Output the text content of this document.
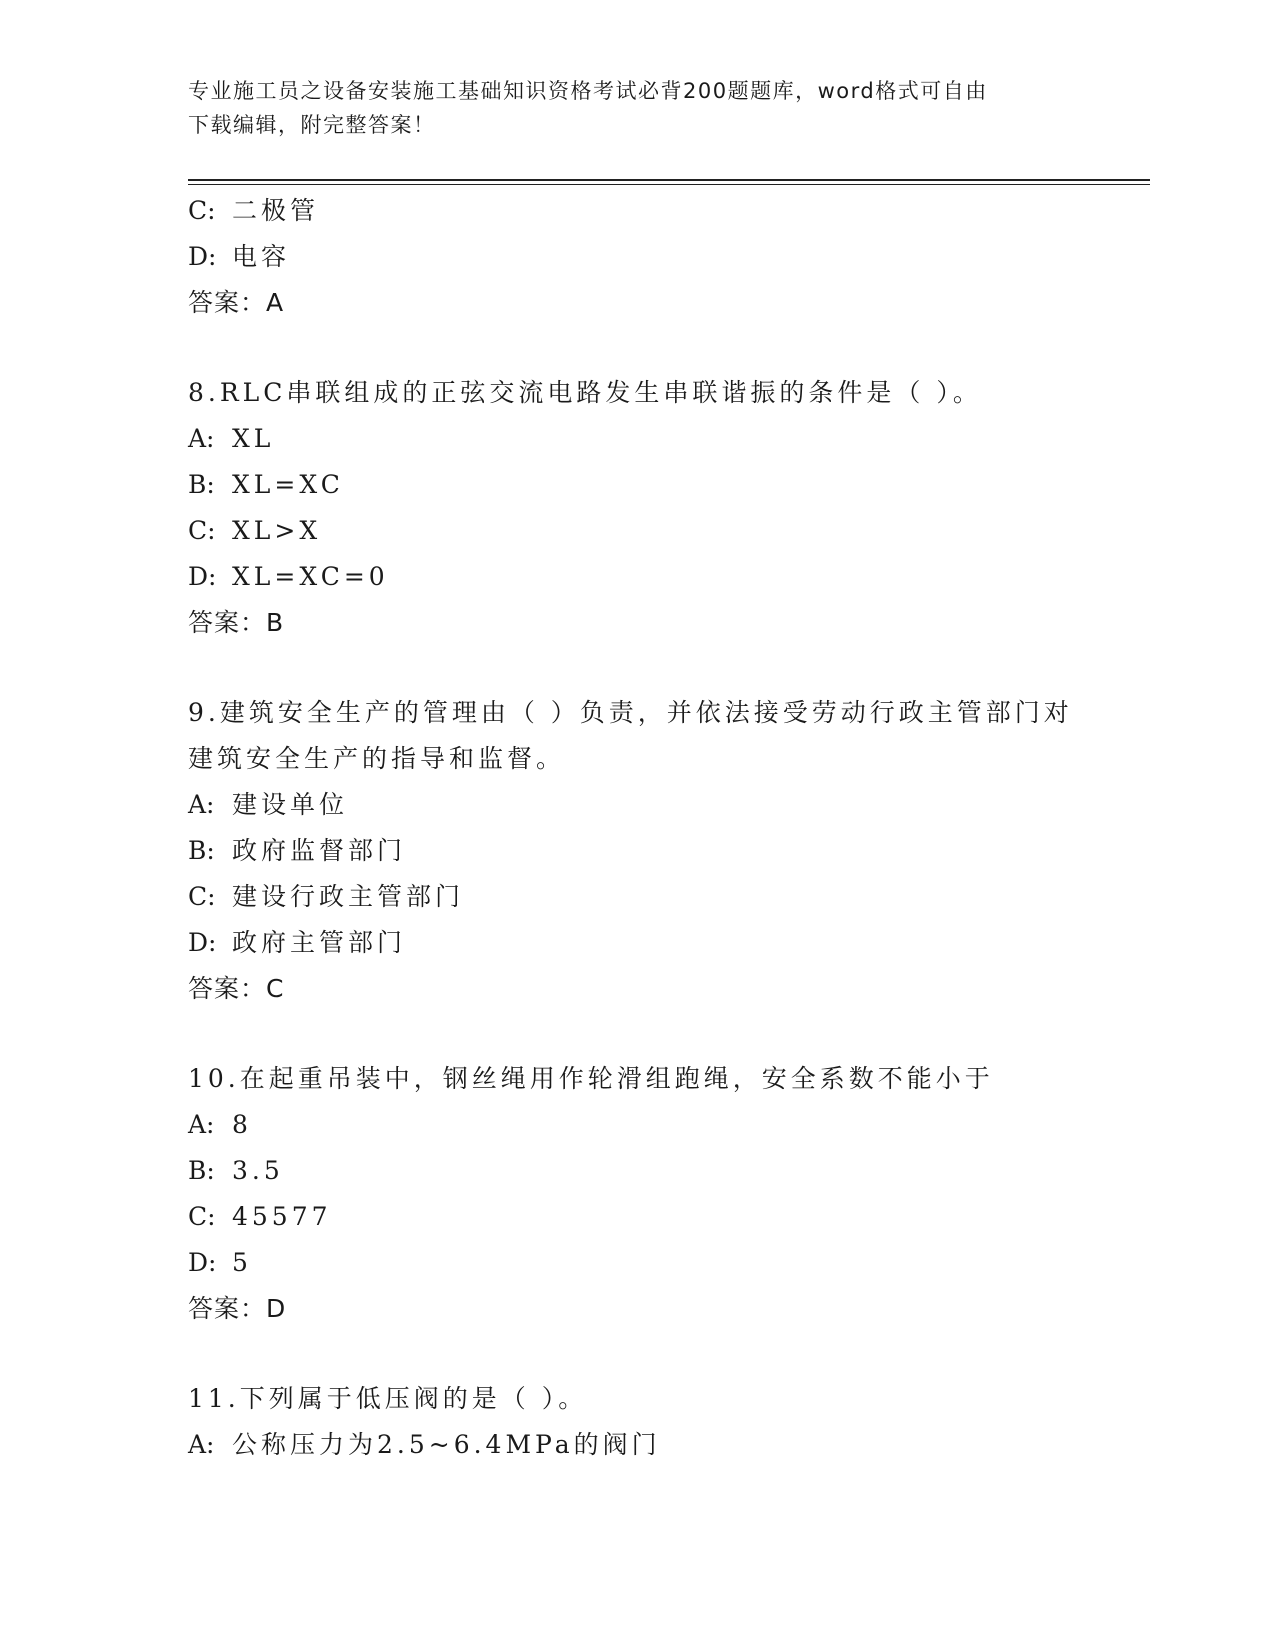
专业施工员之设备安装施工基础知识资格考试必背200题题库，word格式可自由
下载编辑，附完整答案！
C: 二极管
D: 电容
答案：A
8.RLC串联组成的正弦交流电路发生串联谐振的条件是（ ）。
A: XL
B: XL=XC
C: XL>X
D: XL=XC=0
答案：B
9.建筑安全生产的管理由（ ）负责，并依法接受劳动行政主管部门对
建筑安全生产的指导和监督。
A: 建设单位
B: 政府监督部门
C: 建设行政主管部门
D: 政府主管部门
答案：C
10.在起重吊装中，钢丝绳用作轮滑组跑绳，安全系数不能小于
A: 8
B: 3.5
C: 45577
D: 5
答案：D
11.下列属于低压阀的是（ ）。
A: 公称压力为2.5~6.4MPa的阀门
